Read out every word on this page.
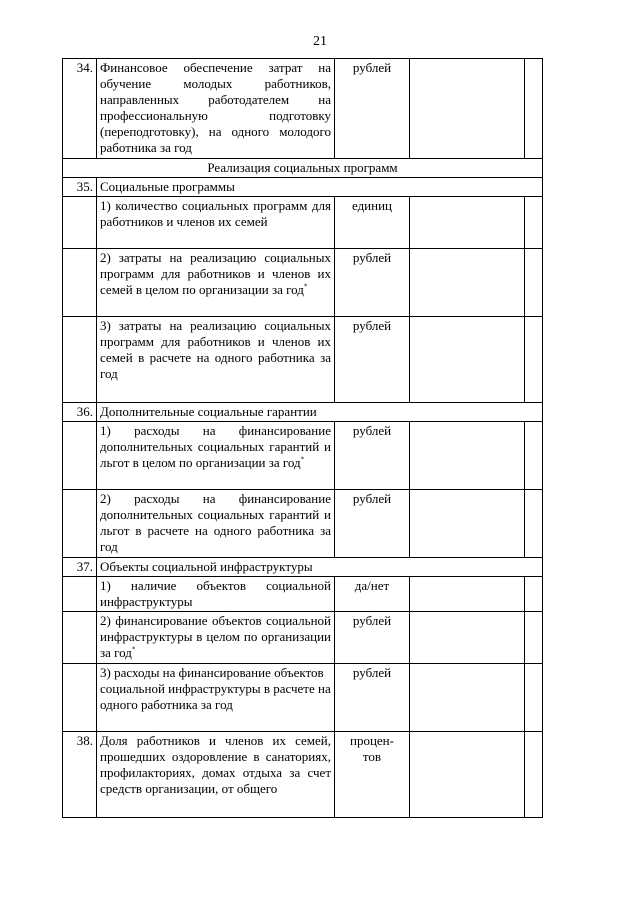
21
34.	Финансовое обеспечение затрат на обучение молодых работников, направленных работодателем на профессиональную подготовку (переподготовку), на одного молодого работника за год	рублей		
Реализация социальных программ				
35.	Социальные программы			
	1) количество социальных программ для работников и членов их семей	единиц		
	2) затраты на реализацию социальных программ для работников и членов их семей в целом по организации за год*	рублей		
	3) затраты на реализацию социальных программ для работников и членов их семей в расчете на одного работника за год	рублей		
36.	Дополнительные социальные гарантии			
	1) расходы на финансирование дополнительных социальных гарантий и льгот в целом по организации за год*	рублей		
	2) расходы на финансирование дополнительных социальных гарантий и льгот в расчете на одного работника за год	рублей		
37.	Объекты социальной инфраструктуры			
	1) наличие объектов социальной инфраструктуры	да/нет		
	2) финансирование объектов социальной инфраструктуры в целом по организации за год*	рублей		
	3) расходы на финансирование объектов социальной инфраструктуры в расчете на одного работника за год	рублей		
38.	Доля работников и членов их семей, прошедших оздоровление в санаториях, профилакториях, домах отдыха за счет средств организации, от общего	процен-тов		
